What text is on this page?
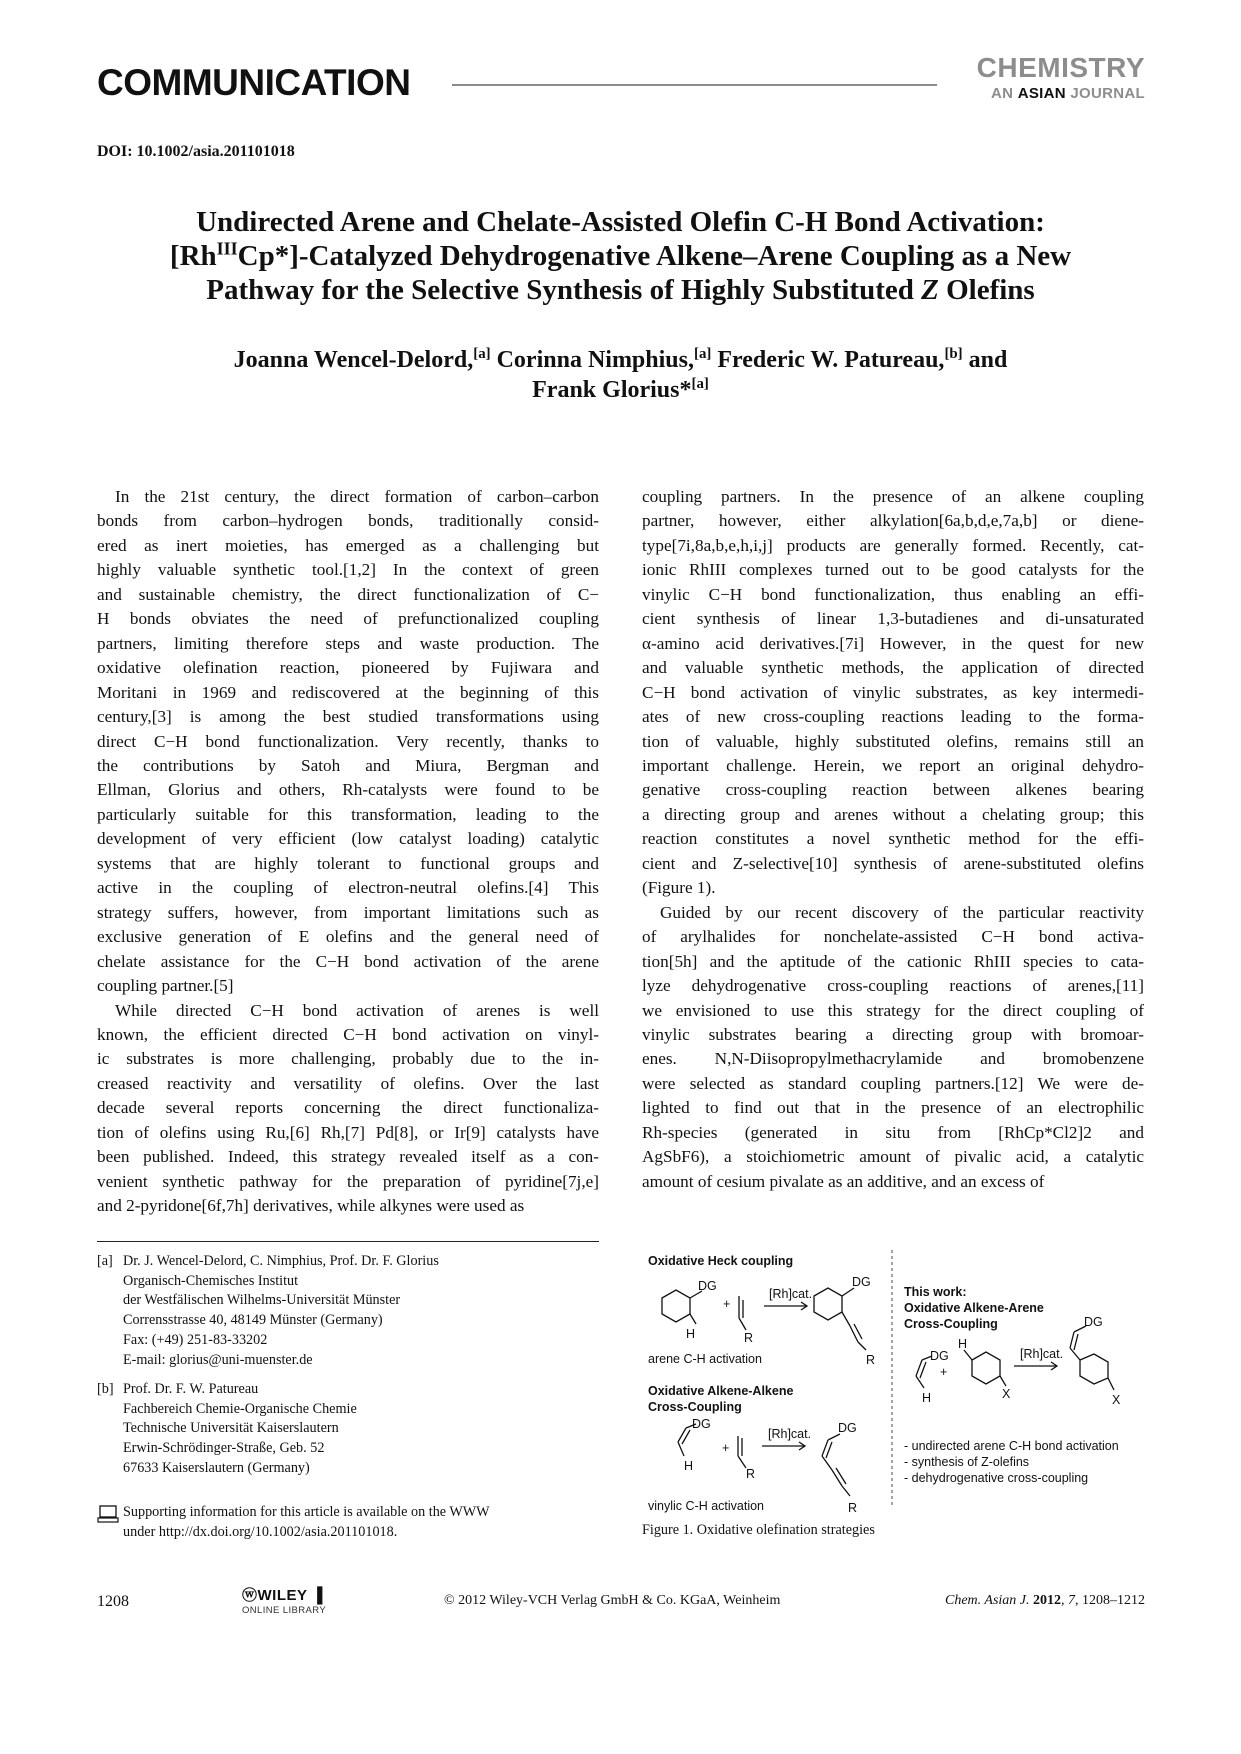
COMMUNICATION	CHEMISTRY
AN ASIAN JOURNAL
DOI: 10.1002/asia.201101018
Undirected Arene and Chelate-Assisted Olefin C-H Bond Activation:
$[Rh^{III}Cp*]$-Catalyzed Dehydrogenative Alkene–Arene Coupling as a New
Pathway for the Selective Synthesis of Highly Substituted Z Olefins
Joanna Wencel-Delord,[a] Corinna Nimphius,[a] Frederic W. Patureau,[b] and
Frank Glorius*[a]

In the 21st century, the direct formation of carbon–carbon

bonds from carbon–hydrogen bonds, traditionally consid-

ered as inert moieties, has emerged as a challenging but

highly valuable synthetic tool.[1,2] In the context of green

and sustainable chemistry, the direct functionalization of C−

H bonds obviates the need of prefunctionalized coupling

partners, limiting therefore steps and waste production. The

oxidative olefination reaction, pioneered by Fujiwara and

Moritani in 1969 and rediscovered at the beginning of this

century,[3] is among the best studied transformations using

direct C−H bond functionalization. Very recently, thanks to

the contributions by Satoh and Miura, Bergman and

Ellman, Glorius and others, Rh-catalysts were found to be

particularly suitable for this transformation, leading to the

development of very efficient (low catalyst loading) catalytic

systems that are highly tolerant to functional groups and

active in the coupling of electron-neutral olefins.[4] This

strategy suffers, however, from important limitations such as

exclusive generation of E olefins and the general need of

chelate assistance for the C−H bond activation of the arene

coupling partner.[5]

While directed C−H bond activation of arenes is well

known, the efficient directed C−H bond activation on vinyl-

ic substrates is more challenging, probably due to the in-

creased reactivity and versatility of olefins. Over the last

decade several reports concerning the direct functionaliza-

tion of olefins using Ru,[6] Rh,[7] Pd[8], or Ir[9] catalysts have

been published. Indeed, this strategy revealed itself as a con-

venient synthetic pathway for the preparation of pyridine[7j,e]

and 2-pyridone[6f,7h] derivatives, while alkynes were used as

coupling partners. In the presence of an alkene coupling

partner, however, either alkylation[6a,b,d,e,7a,b] or diene-

type[7i,8a,b,e,h,i,j] products are generally formed. Recently, cat-

ionic RhIII complexes turned out to be good catalysts for the

vinylic C−H bond functionalization, thus enabling an effi-

cient synthesis of linear 1,3-butadienes and di-unsaturated

α-amino acid derivatives.[7i] However, in the quest for new

and valuable synthetic methods, the application of directed

C−H bond activation of vinylic substrates, as key intermedi-

ates of new cross-coupling reactions leading to the forma-

tion of valuable, highly substituted olefins, remains still an

important challenge. Herein, we report an original dehydro-

genative cross-coupling reaction between alkenes bearing

a directing group and arenes without a chelating group; this

reaction constitutes a novel synthetic method for the effi-

cient and Z-selective[10] synthesis of arene-substituted olefins

(Figure 1).

Guided by our recent discovery of the particular reactivity

of arylhalides for nonchelate-assisted C−H bond activa-

tion[5h] and the aptitude of the cationic RhIII species to cata-

lyze dehydrogenative cross-coupling reactions of arenes,[11]

we envisioned to use this strategy for the direct coupling of

vinylic substrates bearing a directing group with bromoar-

enes. N,N-Diisopropylmethacrylamide and bromobenzene

were selected as standard coupling partners.[12] We were de-

lighted to find out that in the presence of an electrophilic

Rh-species (generated in situ from [RhCp*Cl2]2 and

AgSbF6), a stoichiometric amount of pivalic acid, a catalytic

amount of cesium pivalate as an additive, and an excess of

[a] Dr. J. Wencel-Delord, C. Nimphius, Prof. Dr. F. Glorius
Organisch-Chemisches Institut
der Westfälischen Wilhelms-Universität Münster
Corrensstrasse 40, 48149 Münster (Germany)
Fax: (+49) 251-83-33202
E-mail: glorius@uni-muenster.de
[b] Prof. Dr. F. W. Patureau
Fachbereich Chemie-Organische Chemie
Technische Universität Kaiserslautern
Erwin-Schrödinger-Straße, Geb. 52
67633 Kaiserslautern (Germany)
Supporting information for this article is available on the WWW
under http://dx.doi.org/10.1002/asia.201101018.
Oxidative Heck coupling
arene C-H activation
Oxidative Alkene-Alkene
Cross-Coupling
vinylic C-H activation
This work:
Oxidative Alkene-Arene
Cross-Coupling
- undirected arene C-H bond activation
- synthesis of Z-olefins
- dehydrogenative cross-coupling
DG
H
+
R
[Rh]cat.
DG
R
DG
H
+
R
[Rh]cat. DG
R
DG
H
+
H
X
[Rh]cat.
DG
X
Figure 1. Oxidative olefination strategies
1208	ⓦWILEY ▐
ONLINE LIBRARY
© 2012 Wiley-VCH Verlag GmbH & Co. KGaA, Weinheim	Chem. Asian J. 2012, 7, 1208–1212
